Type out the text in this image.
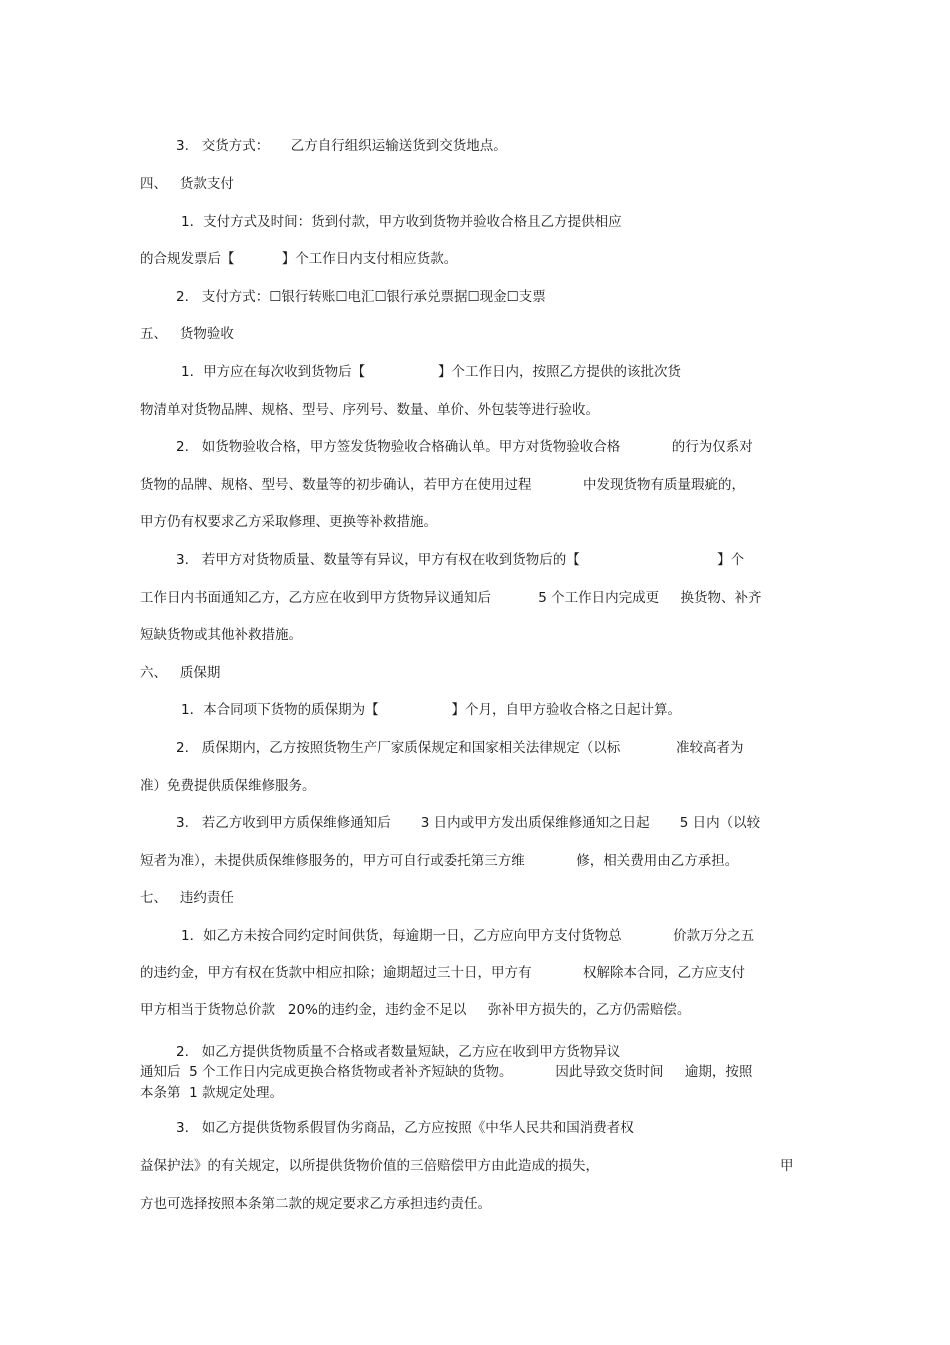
3.   交货方式：     乙方自行组织运输送货到交货地点。
四、   货款支付
1．支付方式及时间：货到付款，甲方收到货物并验收合格且乙方提供相应
的合规发票后【           】个工作日内支付相应货款。
2.   支付方式：☐银行转账☐电汇☐银行承兑票据☐现金☐支票
五、   货物验收
1．甲方应在每次收到货物后【                 】个工作日内，按照乙方提供的该批次货
物清单对货物品牌、规格、型号、序列号、数量、单价、外包装等进行验收。
2.   如货物验收合格，甲方签发货物验收合格确认单。甲方对货物验收合格            的行为仅系对
货物的品牌、规格、型号、数量等的初步确认，若甲方在使用过程            中发现货物有质量瑕疵的，
甲方仍有权要求乙方采取修理、更换等补救措施。
3.   若甲方对货物质量、数量等有异议，甲方有权在收到货物后的【                                】个
工作日内书面通知乙方，乙方应在收到甲方货物异议通知后           5 个工作日内完成更     换货物、补齐
短缺货物或其他补救措施。
六、   质保期
1．本合同项下货物的质保期为【                 】个月，自甲方验收合格之日起计算。
2.   质保期内，乙方按照货物生产厂家质保规定和国家相关法律规定（以标             准较高者为
准）免费提供质保维修服务。
3.   若乙方收到甲方质保维修通知后       3 日内或甲方发出质保维修通知之日起       5 日内（以较
短者为准），未提供质保维修服务的，甲方可自行或委托第三方维            修，相关费用由乙方承担。
七、   违约责任
1．如乙方未按合同约定时间供货，每逾期一日，乙方应向甲方支付货物总            价款万分之五
的违约金，甲方有权在货款中相应扣除；逾期超过三十日，甲方有            权解除本合同，乙方应支付
甲方相当于货物总价款   20%的违约金，违约金不足以     弥补甲方损失的，乙方仍需赔偿。
2.   如乙方提供货物质量不合格或者数量短缺，乙方应在收到甲方货物异议
通知后  5 个工作日内完成更换合格货物或者补齐短缺的货物。          因此导致交货时间     逾期，按照
本条第  1 款规定处理。
3.   如乙方提供货物系假冒伪劣商品，乙方应按照《中华人民共和国消费者权
益保护法》的有关规定，以所提供货物价值的三倍赔偿甲方由此造成的损失，	甲
方也可选择按照本条第二款的规定要求乙方承担违约责任。
